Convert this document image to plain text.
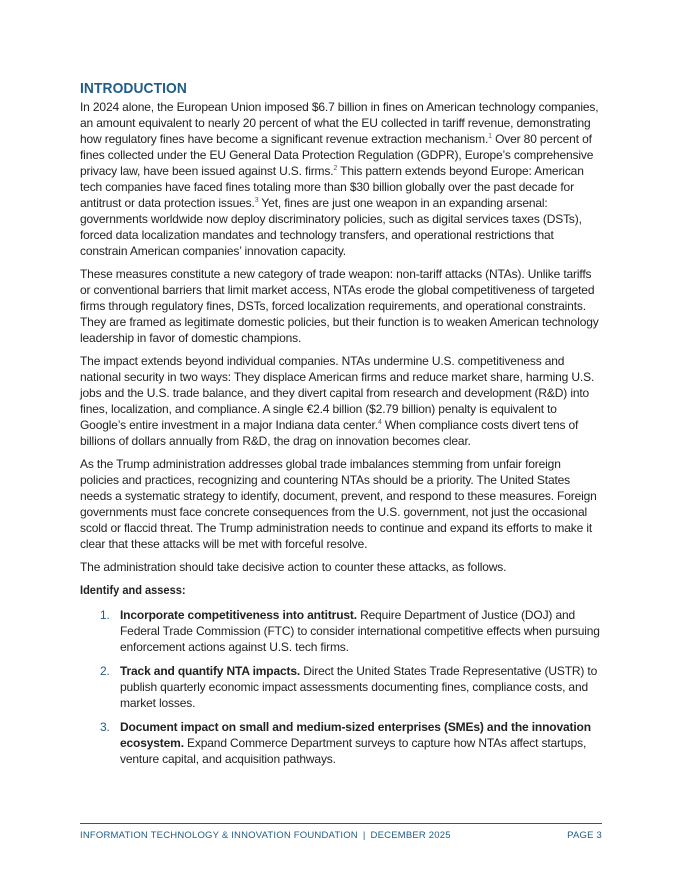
INTRODUCTION

In 2024 alone, the European Union imposed $6.7 billion in fines on American technology companies, an amount equivalent to nearly 20 percent of what the EU collected in tariff revenue, demonstrating how regulatory fines have become a significant revenue extraction mechanism.$^1$ Over 80 percent of fines collected under the EU General Data Protection Regulation (GDPR), Europe’s comprehensive privacy law, have been issued against U.S. firms.$^2$ This pattern extends beyond Europe: American tech companies have faced fines totaling more than $30 billion globally over the past decade for antitrust or data protection issues.$^3$ Yet, fines are just one weapon in an expanding arsenal: governments worldwide now deploy discriminatory policies, such as digital services taxes (DSTs), forced data localization mandates and technology transfers, and operational restrictions that constrain American companies’ innovation capacity.

These measures constitute a new category of trade weapon: non-tariff attacks (NTAs). Unlike tariffs or conventional barriers that limit market access, NTAs erode the global competitiveness of targeted firms through regulatory fines, DSTs, forced localization requirements, and operational constraints. They are framed as legitimate domestic policies, but their function is to weaken American technology leadership in favor of domestic champions.

The impact extends beyond individual companies. NTAs undermine U.S. competitiveness and national security in two ways: They displace American firms and reduce market share, harming U.S. jobs and the U.S. trade balance, and they divert capital from research and development (R&D) into fines, localization, and compliance. A single €2.4 billion ($2.79 billion) penalty is equivalent to Google’s entire investment in a major Indiana data center.$^4$ When compliance costs divert tens of billions of dollars annually from R&D, the drag on innovation becomes clear.

As the Trump administration addresses global trade imbalances stemming from unfair foreign policies and practices, recognizing and countering NTAs should be a priority. The United States needs a systematic strategy to identify, document, prevent, and respond to these measures. Foreign governments must face concrete consequences from the U.S. government, not just the occasional scold or flaccid threat. The Trump administration needs to continue and expand its efforts to make it clear that these attacks will be met with forceful resolve.

The administration should take decisive action to counter these attacks, as follows.

Identify and assess:
1. Incorporate competitiveness into antitrust. Require Department of Justice (DOJ) and Federal Trade Commission (FTC) to consider international competitive effects when pursuing enforcement actions against U.S. tech firms.
2. Track and quantify NTA impacts. Direct the United States Trade Representative (USTR) to publish quarterly economic impact assessments documenting fines, compliance costs, and market losses.
3. Document impact on small and medium-sized enterprises (SMEs) and the innovation ecosystem. Expand Commerce Department surveys to capture how NTAs affect startups, venture capital, and acquisition pathways.
INFORMATION TECHNOLOGY & INNOVATION FOUNDATION | DECEMBER 2025	PAGE 3
